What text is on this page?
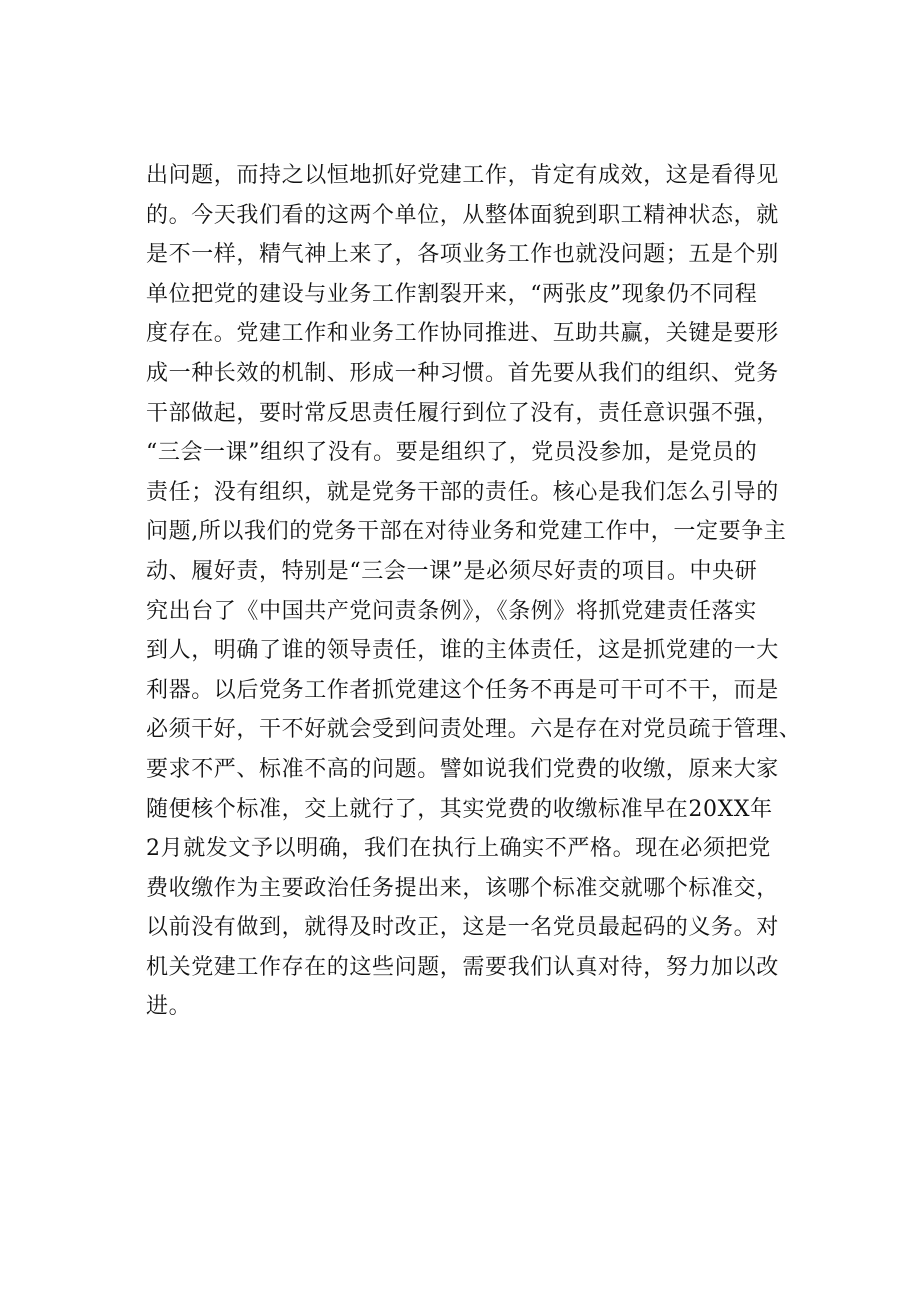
出问题，而持之以恒地抓好党建工作，肯定有成效，这是看得见
的。今天我们看的这两个单位，从整体面貌到职工精神状态，就
是不一样，精气神上来了，各项业务工作也就没问题；五是个别
单位把党的建设与业务工作割裂开来，“两张皮”现象仍不同程
度存在。党建工作和业务工作协同推进、互助共赢，关键是要形
成一种长效的机制、形成一种习惯。首先要从我们的组织、党务
干部做起，要时常反思责任履行到位了没有，责任意识强不强，
“三会一课”组织了没有。要是组织了，党员没参加，是党员的
责任；没有组织，就是党务干部的责任。核心是我们怎么引导的
问题,所以我们的党务干部在对待业务和党建工作中，一定要争主
动、履好责，特别是“三会一课”是必须尽好责的项目。中央研
究出台了《中国共产党问责条例》，《条例》将抓党建责任落实
到人，明确了谁的领导责任，谁的主体责任，这是抓党建的一大
利器。以后党务工作者抓党建这个任务不再是可干可不干，而是
必须干好，干不好就会受到问责处理。六是存在对党员疏于管理、
要求不严、标准不高的问题。譬如说我们党费的收缴，原来大家
随便核个标准，交上就行了，其实党费的收缴标准早在20XX年
2月就发文予以明确，我们在执行上确实不严格。现在必须把党
费收缴作为主要政治任务提出来，该哪个标准交就哪个标准交，
以前没有做到，就得及时改正，这是一名党员最起码的义务。对
机关党建工作存在的这些问题，需要我们认真对待，努力加以改
进。
